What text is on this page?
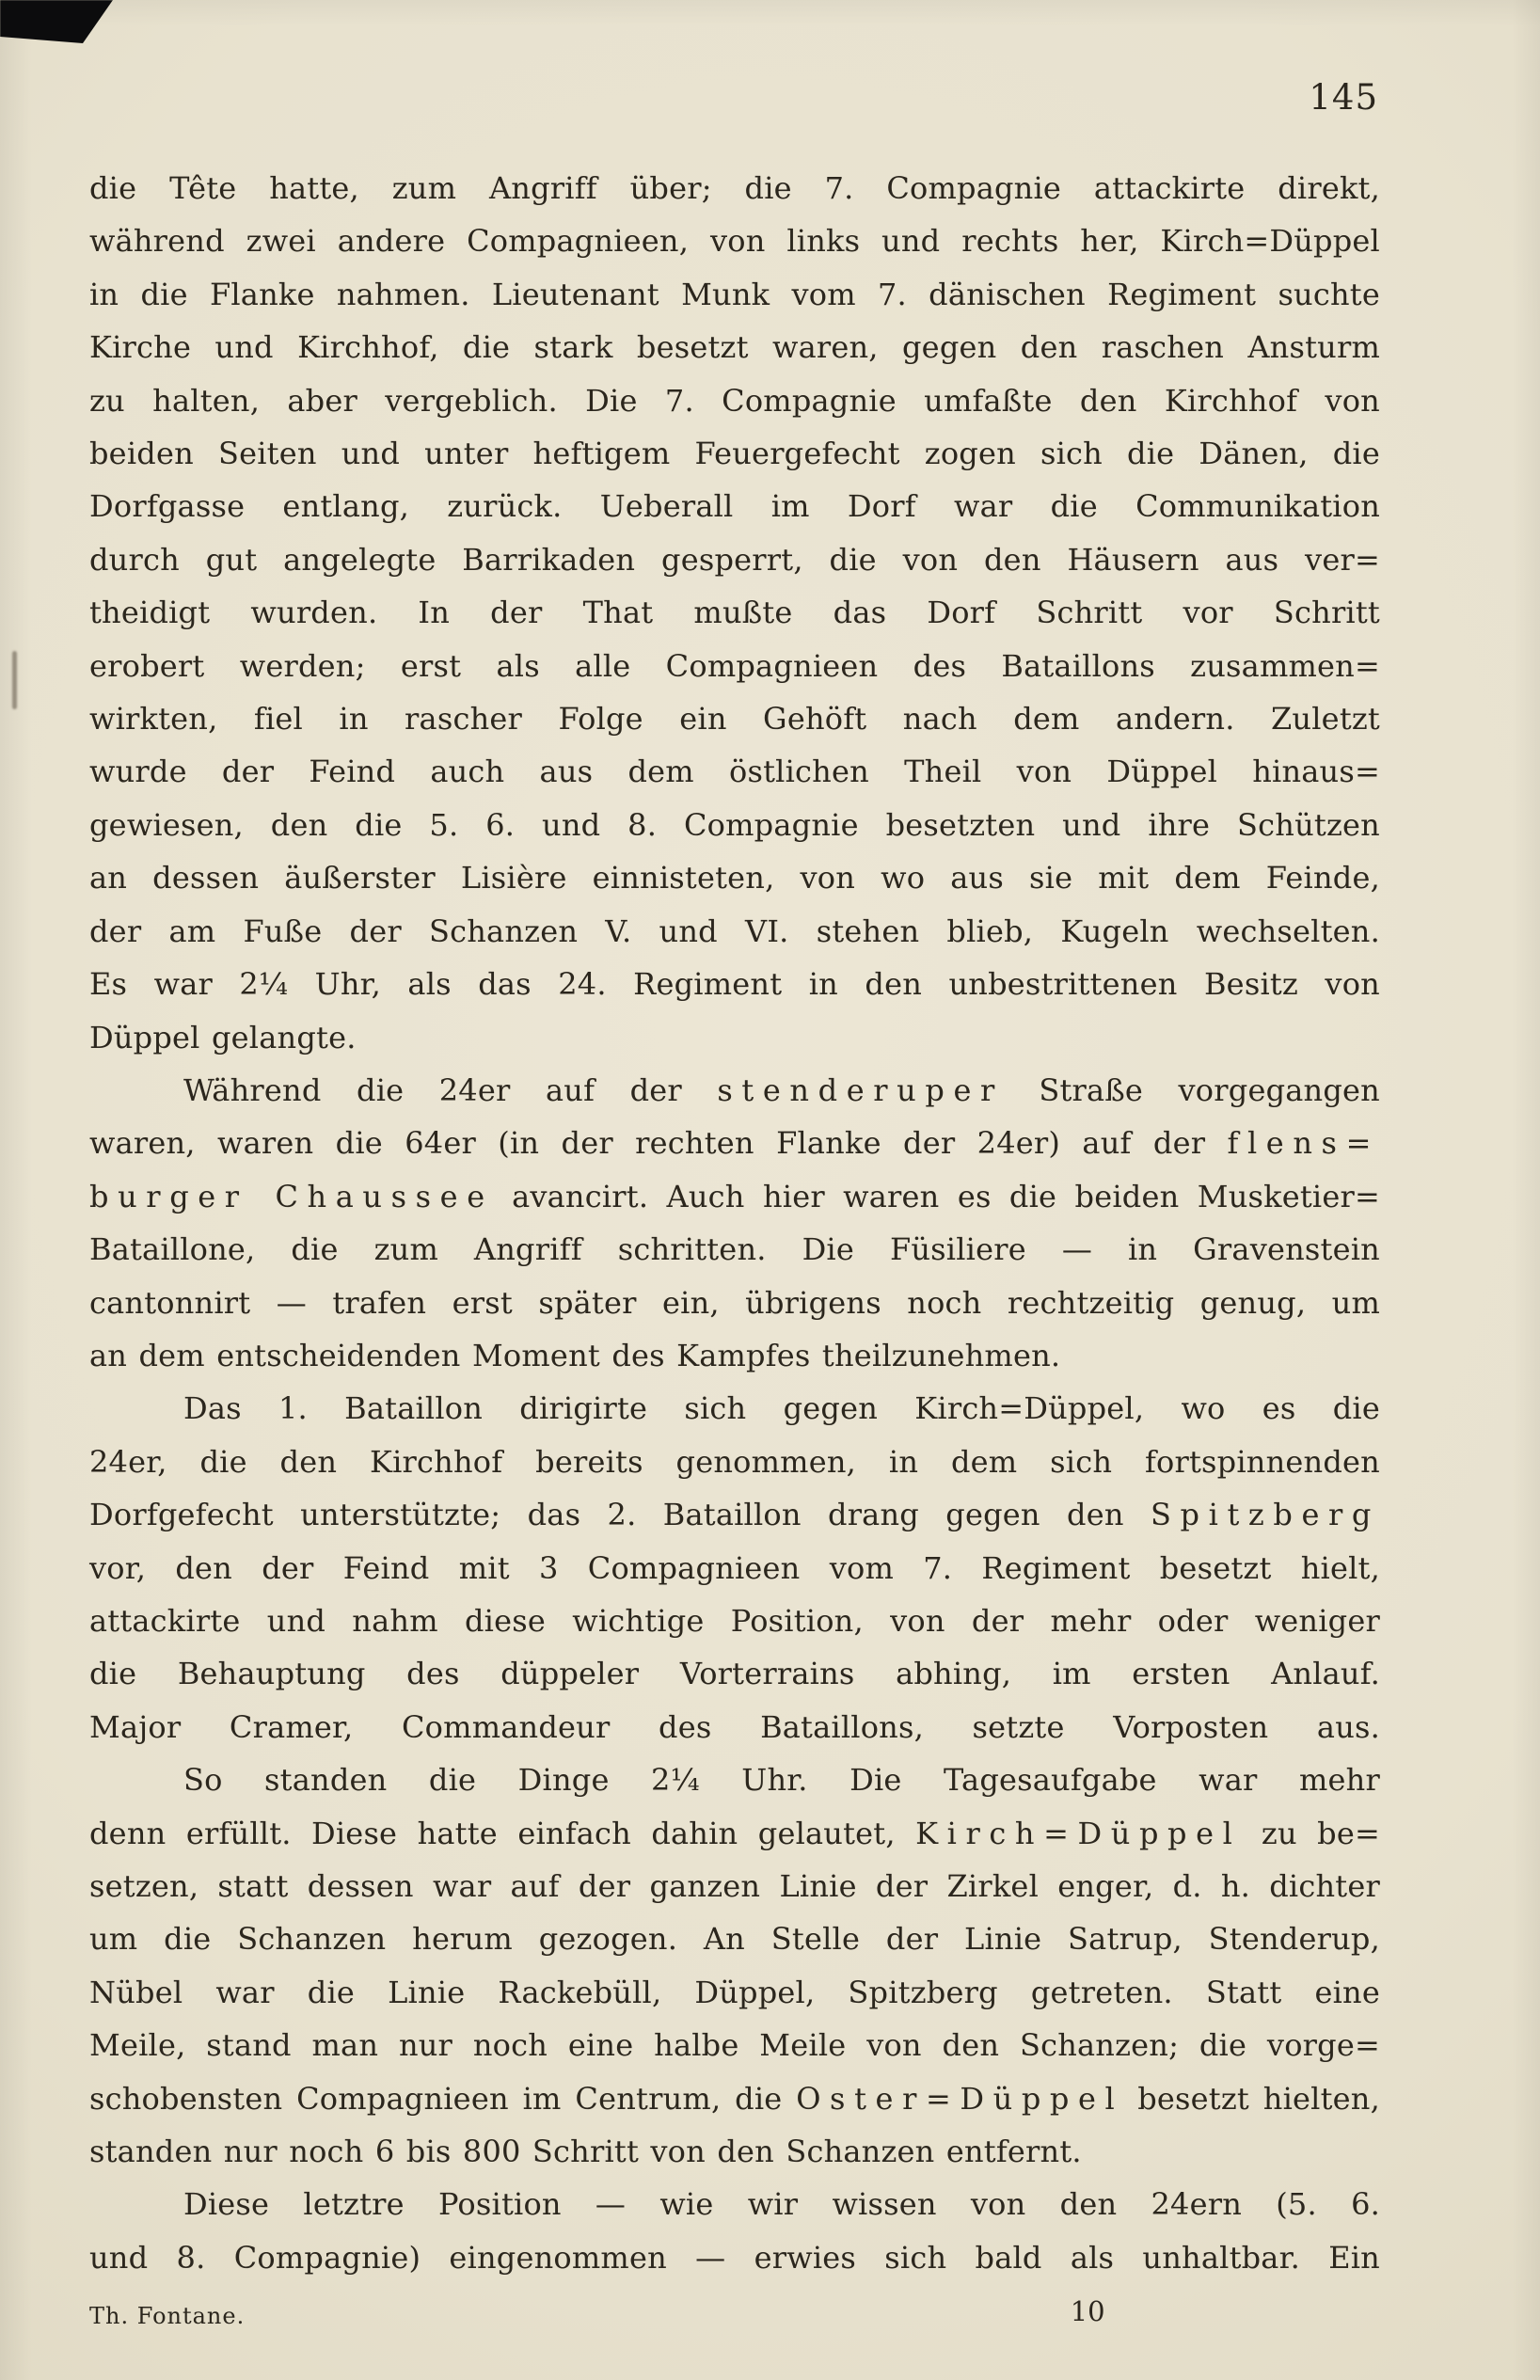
145
die Tête hatte, zum Angriff über; die 7. Compagnie attackirte direkt,
während zwei andere Compagnieen, von links und rechts her, Kirch=Düppel
in die Flanke nahmen. Lieutenant Munk vom 7. dänischen Regiment suchte
Kirche und Kirchhof, die stark besetzt waren, gegen den raschen Ansturm
zu halten, aber vergeblich. Die 7. Compagnie umfaßte den Kirchhof von
beiden Seiten und unter heftigem Feuergefecht zogen sich die Dänen, die
Dorfgasse entlang, zurück. Ueberall im Dorf war die Communikation
durch gut angelegte Barrikaden gesperrt, die von den Häusern aus ver=
theidigt wurden. In der That mußte das Dorf Schritt vor Schritt
erobert werden; erst als alle Compagnieen des Bataillons zusammen=
wirkten, fiel in rascher Folge ein Gehöft nach dem andern. Zuletzt
wurde der Feind auch aus dem östlichen Theil von Düppel hinaus=
gewiesen, den die 5. 6. und 8. Compagnie besetzten und ihre Schützen
an dessen äußerster Lisière einnisteten, von wo aus sie mit dem Feinde,
der am Fuße der Schanzen V. und VI. stehen blieb, Kugeln wechselten.
Es war 2¼ Uhr, als das 24. Regiment in den unbestrittenen Besitz von
Düppel gelangte.
Während die 24er auf der stenderuper Straße vorgegangen
waren, waren die 64er (in der rechten Flanke der 24er) auf der flens=
burger Chaussee avancirt. Auch hier waren es die beiden Musketier=
Bataillone, die zum Angriff schritten. Die Füsiliere — in Gravenstein
cantonnirt — trafen erst später ein, übrigens noch rechtzeitig genug, um
an dem entscheidenden Moment des Kampfes theilzunehmen.
Das 1. Bataillon dirigirte sich gegen Kirch=Düppel, wo es die
24er, die den Kirchhof bereits genommen, in dem sich fortspinnenden
Dorfgefecht unterstützte; das 2. Bataillon drang gegen den Spitzberg
vor, den der Feind mit 3 Compagnieen vom 7. Regiment besetzt hielt,
attackirte und nahm diese wichtige Position, von der mehr oder weniger
die Behauptung des düppeler Vorterrains abhing, im ersten Anlauf.
Major Cramer, Commandeur des Bataillons, setzte Vorposten aus.
So standen die Dinge 2¼ Uhr. Die Tagesaufgabe war mehr
denn erfüllt. Diese hatte einfach dahin gelautet, Kirch=Düppel zu be=
setzen, statt dessen war auf der ganzen Linie der Zirkel enger, d. h. dichter
um die Schanzen herum gezogen. An Stelle der Linie Satrup, Stenderup,
Nübel war die Linie Rackebüll, Düppel, Spitzberg getreten. Statt eine
Meile, stand man nur noch eine halbe Meile von den Schanzen; die vorge=
schobensten Compagnieen im Centrum, die Oster=Düppel besetzt hielten,
standen nur noch 6 bis 800 Schritt von den Schanzen entfernt.
Diese letztre Position — wie wir wissen von den 24ern (5. 6.
und 8. Compagnie) eingenommen — erwies sich bald als unhaltbar. Ein
Th. Fontane.	10
